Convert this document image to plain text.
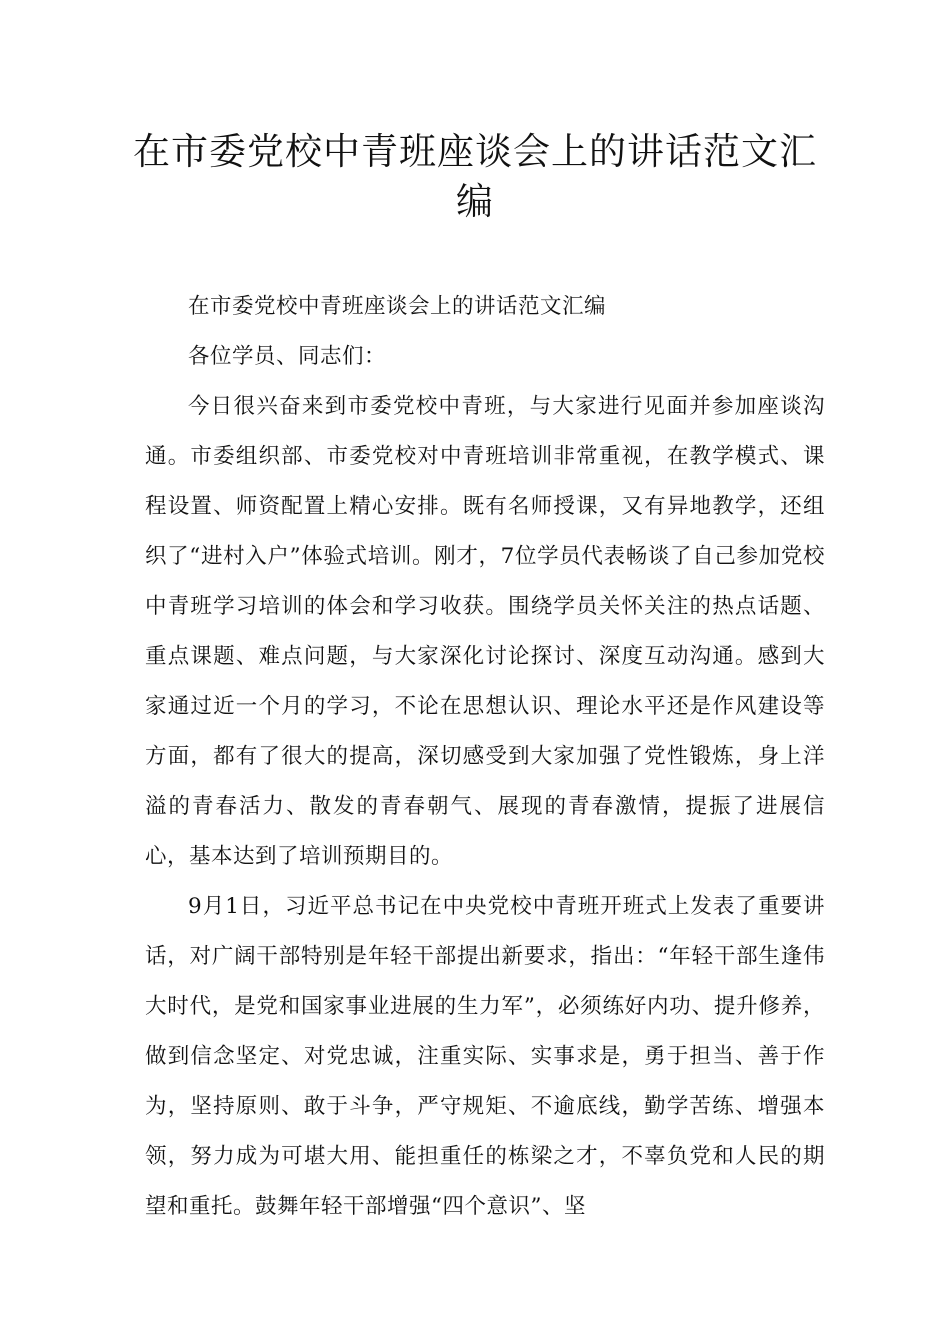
在市委党校中青班座谈会上的讲话范文汇编

在市委党校中青班座谈会上的讲话范文汇编

各位学员、同志们：

今日很兴奋来到市委党校中青班，与大家进行见面并参加座谈沟通。市委组织部、市委党校对中青班培训非常重视，在教学模式、课程设置、师资配置上精心安排。既有名师授课，又有异地教学，还组织了“进村入户”体验式培训。刚才，7位学员代表畅谈了自己参加党校中青班学习培训的体会和学习收获。围绕学员关怀关注的热点话题、重点课题、难点问题，与大家深化讨论探讨、深度互动沟通。感到大家通过近一个月的学习，不论在思想认识、理论水平还是作风建设等方面，都有了很大的提高，深切感受到大家加强了党性锻炼，身上洋溢的青春活力、散发的青春朝气、展现的青春激情，提振了进展信心，基本达到了培训预期目的。

9月1日，习近平总书记在中央党校中青班开班式上发表了重要讲话，对广阔干部特别是年轻干部提出新要求，指出：“年轻干部生逢伟大时代，是党和国家事业进展的生力军”，必须练好内功、提升修养，做到信念坚定、对党忠诚，注重实际、实事求是，勇于担当、善于作为，坚持原则、敢于斗争，严守规矩、不逾底线，勤学苦练、增强本领，努力成为可堪大用、能担重任的栋梁之才，不辜负党和人民的期望和重托。鼓舞年轻干部增强“四个意识”、坚
